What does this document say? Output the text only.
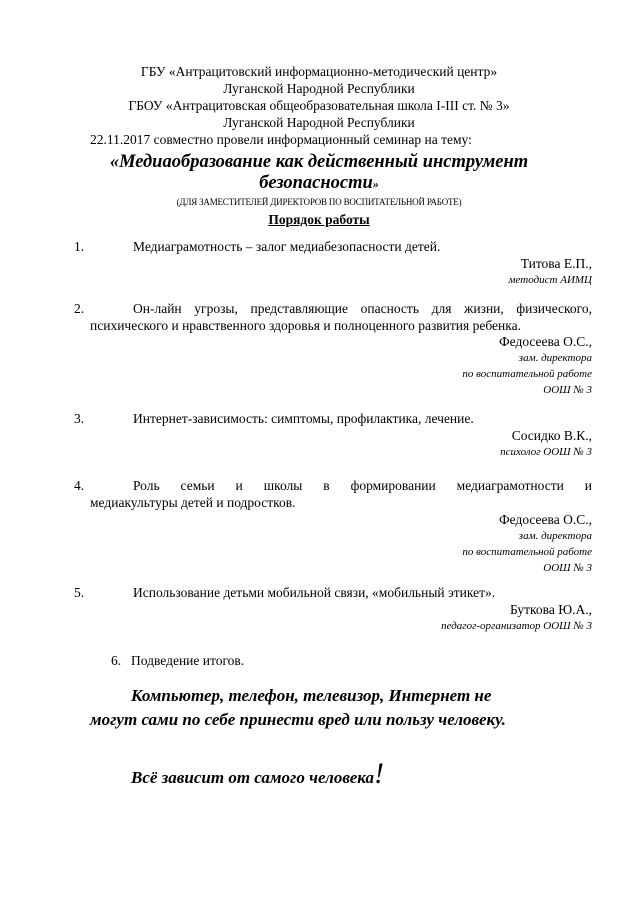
ГБУ «Антрацитовский информационно-методический центр»
Луганской Народной Республики
ГБОУ «Антрацитовская общеобразовательная школа I-III ст. № 3»
Луганской Народной Республики
22.11.2017 совместно провели информационный семинар на тему:
«Медиаобразование как действенный инструмент
безопасности»
(ДЛЯ ЗАМЕСТИТЕЛЕЙ ДИРЕКТОРОВ ПО ВОСПИТАТЕЛЬНОЙ РАБОТЕ)
Порядок работы
1.	Медиаграмотность – залог медиабезопасности детей.
Титова Е.П.,
методист АИМЦ
2.	Он-лайн угрозы, представляющие опасность для жизни, физического,
психического и нравственного здоровья и полноценного развития ребенка.
Федосеева О.С.,
зам. директора
по воспитательной работе
ООШ № 3
3.	Интернет-зависимость: симптомы, профилактика, лечение.
Сосидко В.К.,
психолог ООШ № 3
4.	Роль семьи и школы в формировании медиаграмотности и
медиакультуры детей и подростков.
Федосеева О.С.,
зам. директора
по воспитательной работе
ООШ № 3
5.	Использование детьми мобильной связи, «мобильный этикет».
Буткова Ю.А.,
педагог-организатор ООШ № 3
6. Подведение итогов.
Компьютер, телефон, телевизор, Интернет не
могут сами по себе принести вред или пользу человеку.
Всё зависит от самого человека!
